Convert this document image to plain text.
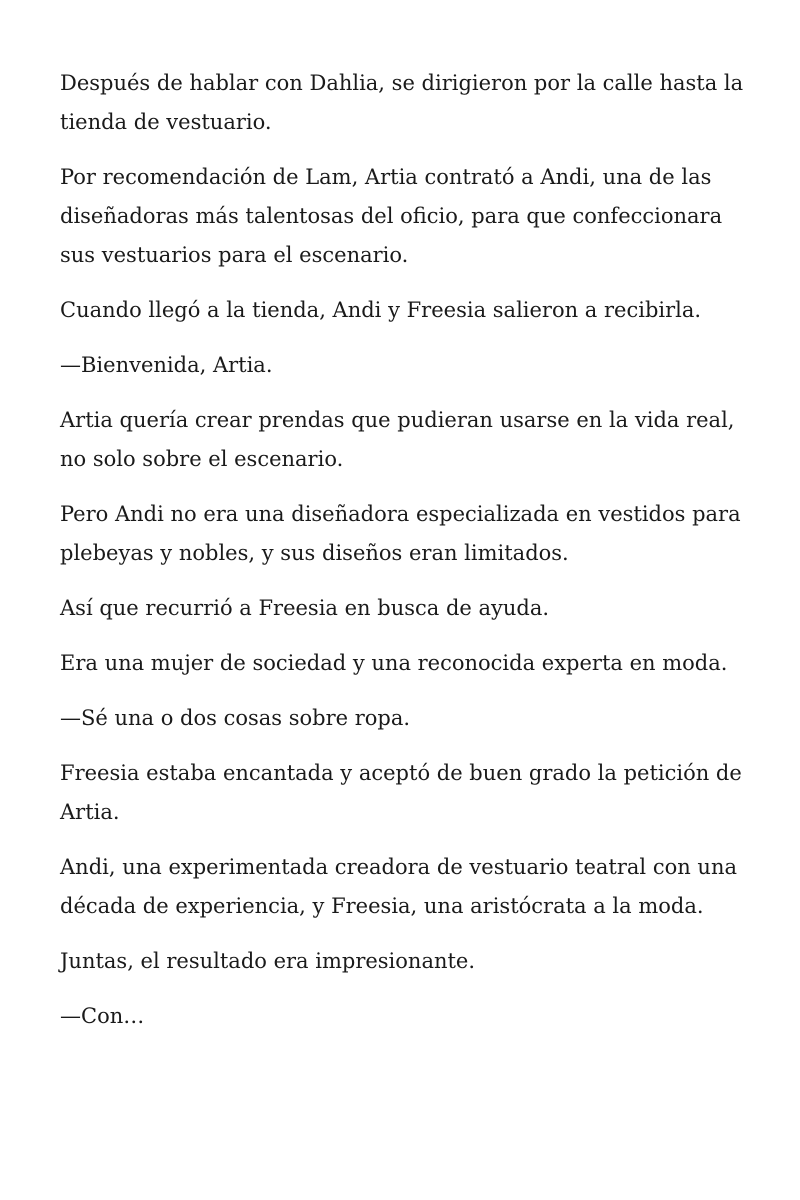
Después de hablar con Dahlia, se dirigieron por la calle hasta la tienda de vestuario.

Por recomendación de Lam, Artia contrató a Andi, una de las diseñadoras más talentosas del oficio, para que confeccionara sus vestuarios para el escenario.

Cuando llegó a la tienda, Andi y Freesia salieron a recibirla.

—Bienvenida, Artia.

Artia quería crear prendas que pudieran usarse en la vida real, no solo sobre el escenario.

Pero Andi no era una diseñadora especializada en vestidos para plebeyas y nobles, y sus diseños eran limitados.

Así que recurrió a Freesia en busca de ayuda.

Era una mujer de sociedad y una reconocida experta en moda.

—Sé una o dos cosas sobre ropa.

Freesia estaba encantada y aceptó de buen grado la petición de Artia.

Andi, una experimentada creadora de vestuario teatral con una década de experiencia, y Freesia, una aristócrata a la moda.

Juntas, el resultado era impresionante.

—Con…
